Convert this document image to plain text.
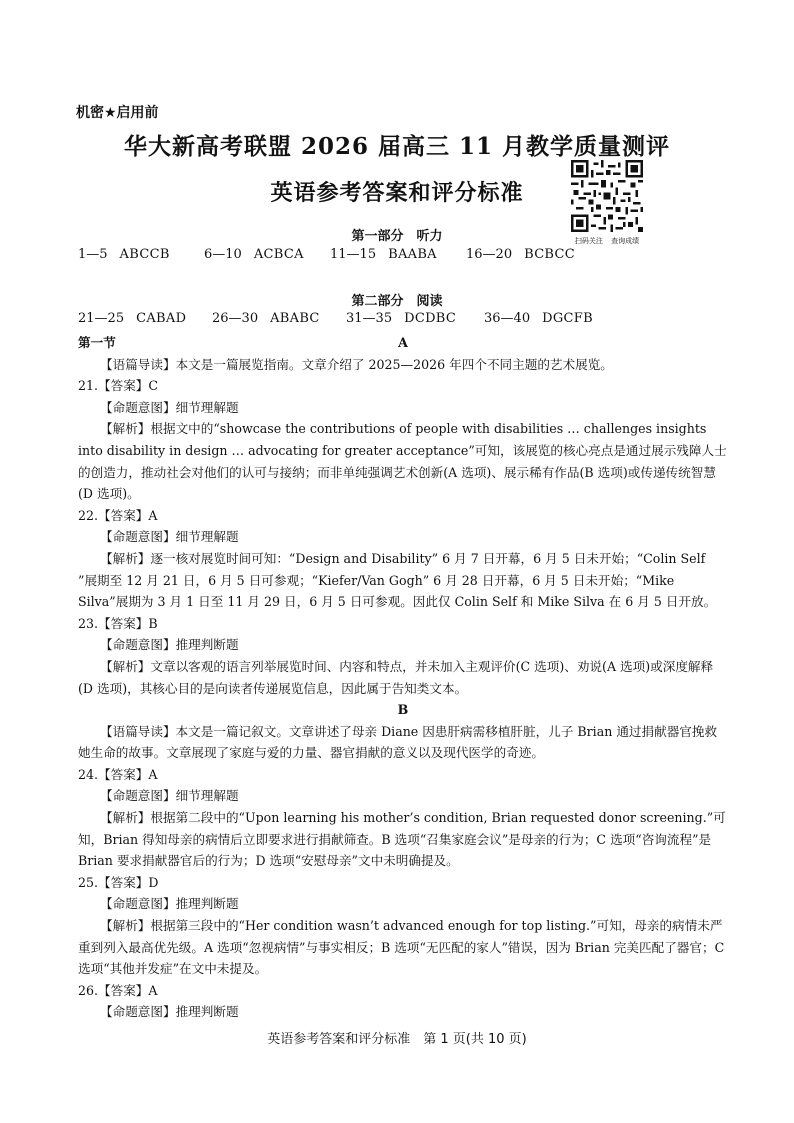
机密★启用前
华大新高考联盟 2026 届高三 11 月教学质量测评
英语参考答案和评分标准
扫码关注 查询成绩
第一部分　听力
1—5 ABCCB	6—10 ACBCA 11—15 BAABA 16—20 BCBCC
第二部分　阅读
21—25 CABAD 26—30 ABABC 31—35 DCDBC 36—40 DGCFB

第一节	A

【语篇导读】本文是一篇展览指南。文章介绍了 2025—2026 年四个不同主题的艺术展览。

21.【答案】C

【命题意图】细节理解题

【解析】根据文中的“showcase the contributions of people with disabilities … challenges insights into disability in design … advocating for greater acceptance”可知，该展览的核心亮点是通过展示残障人士的创造力，推动社会对他们的认可与接纳；而非单纯强调艺术创新(A 选项)、展示稀有作品(B 选项)或传递传统智慧(D 选项)。

22.【答案】A

【命题意图】细节理解题

【解析】逐一核对展览时间可知：“Design and Disability” 6 月 7 日开幕，6 月 5 日未开始；“Colin Self ”展期至 12 月 21 日，6 月 5 日可参观；“Kiefer/Van Gogh” 6 月 28 日开幕，6 月 5 日未开始；“Mike Silva”展期为 3 月 1 日至 11 月 29 日，6 月 5 日可参观。因此仅 Colin Self 和 Mike Silva 在 6 月 5 日开放。

23.【答案】B

【命题意图】推理判断题

【解析】文章以客观的语言列举展览时间、内容和特点，并未加入主观评价(C 选项)、劝说(A 选项)或深度解释(D 选项)，其核心目的是向读者传递展览信息，因此属于告知类文本。

B

【语篇导读】本文是一篇记叙文。文章讲述了母亲 Diane 因患肝病需移植肝脏，儿子 Brian 通过捐献器官挽救她生命的故事。文章展现了家庭与爱的力量、器官捐献的意义以及现代医学的奇迹。

24.【答案】A

【命题意图】细节理解题

【解析】根据第二段中的“Upon learning his mother’s condition, Brian requested donor screening.”可知，Brian 得知母亲的病情后立即要求进行捐献筛查。B 选项“召集家庭会议”是母亲的行为；C 选项“咨询流程”是 Brian 要求捐献器官后的行为；D 选项“安慰母亲”文中未明确提及。

25.【答案】D

【命题意图】推理判断题

【解析】根据第三段中的“Her condition wasn’t advanced enough for top listing.”可知，母亲的病情未严重到列入最高优先级。A 选项“忽视病情”与事实相反；B 选项“无匹配的家人”错误，因为 Brian 完美匹配了器官；C 选项“其他并发症”在文中未提及。

26.【答案】A

【命题意图】推理判断题

英语参考答案和评分标准　第 1 页(共 10 页)
